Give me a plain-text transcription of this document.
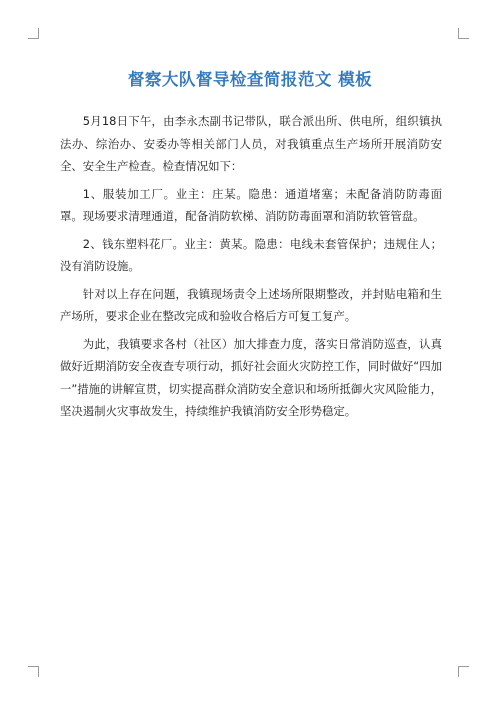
督察大队督导检查简报范文 模板

5月18日下午，由李永杰副书记带队，联合派出所、供电所，组织镇执法办、综治办、安委办等相关部门人员，对我镇重点生产场所开展消防安全、安全生产检查。检查情况如下：

1、服装加工厂。业主：庄某。隐患：通道堵塞；未配备消防防毒面罩。现场要求清理通道，配备消防软梯、消防防毒面罩和消防软管管盘。

2、钱东塑料花厂。业主：黄某。隐患：电线未套管保护；违规住人；没有消防设施。

针对以上存在问题，我镇现场责令上述场所限期整改，并封贴电箱和生产场所，要求企业在整改完成和验收合格后方可复工复产。

为此，我镇要求各村（社区）加大排查力度，落实日常消防巡查，认真做好近期消防安全夜查专项行动，抓好社会面火灾防控工作，同时做好“四加一”措施的讲解宣贯，切实提高群众消防安全意识和场所抵御火灾风险能力，坚决遏制火灾事故发生，持续维护我镇消防安全形势稳定。
